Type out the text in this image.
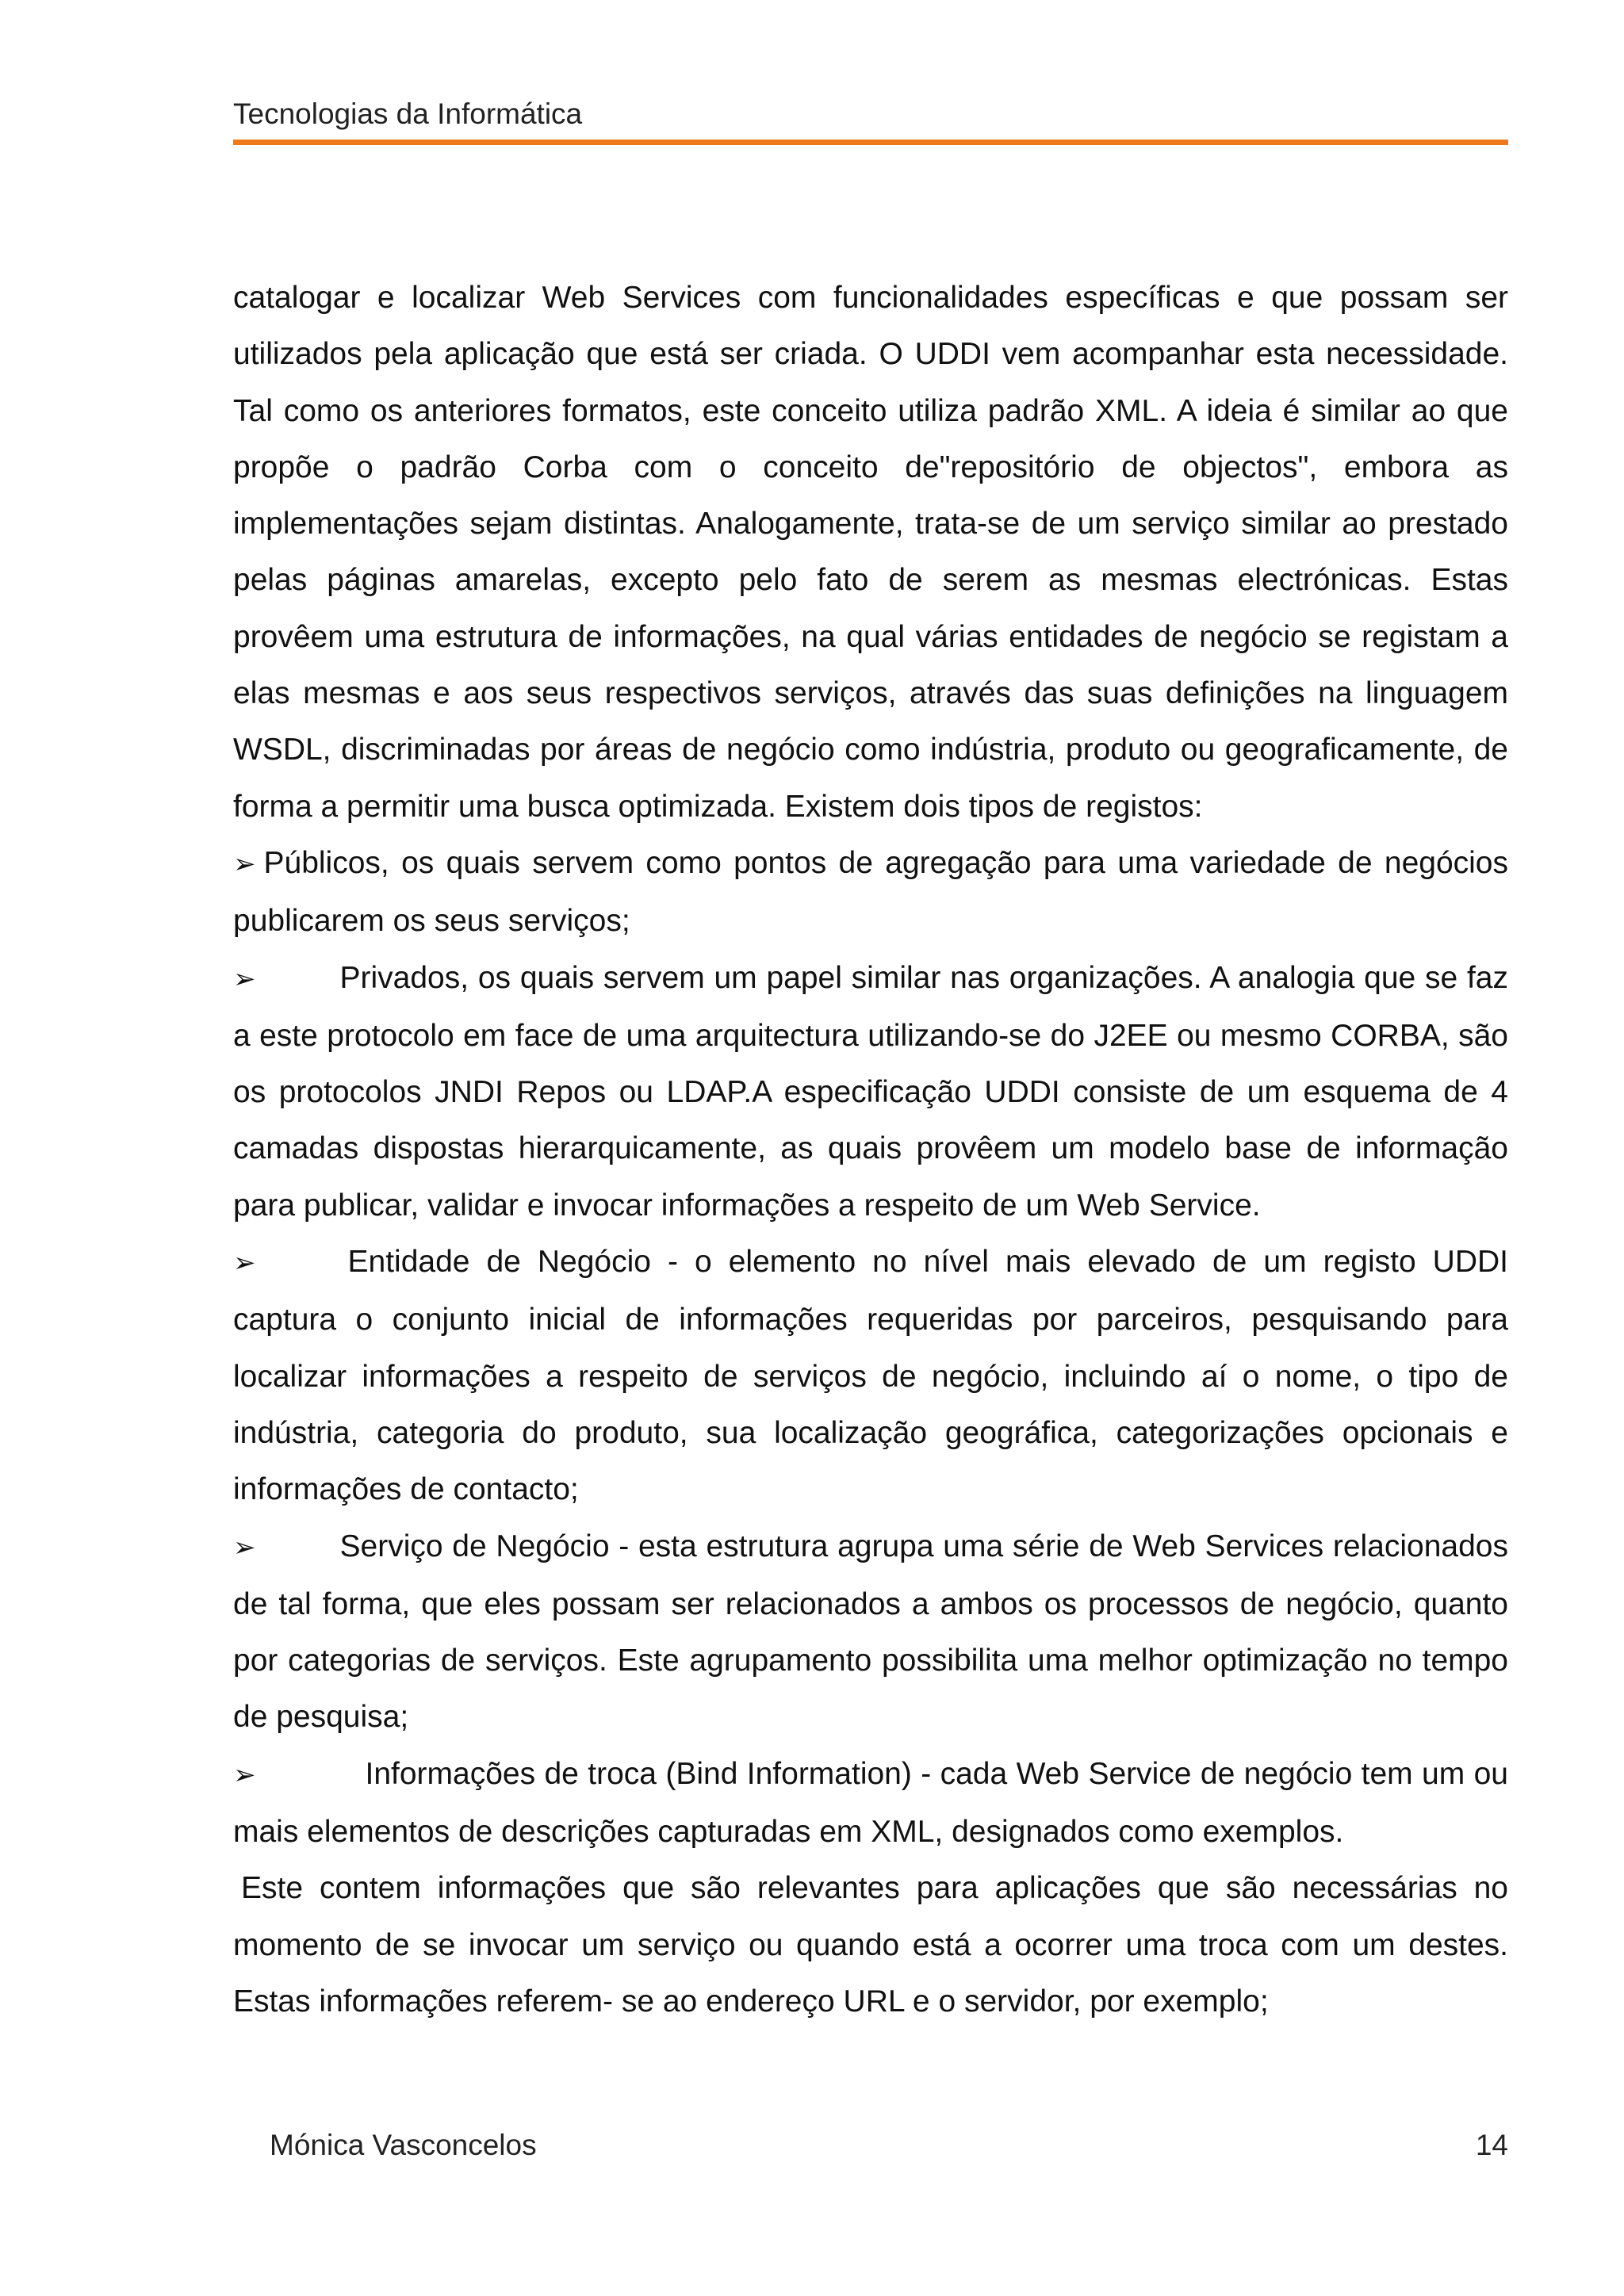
Tecnologias da Informática

catalogar e localizar Web Services com funcionalidades específicas e que possam ser utilizados pela aplicação que está ser criada. O UDDI vem acompanhar esta necessidade. Tal como os anteriores formatos, este conceito utiliza padrão XML. A ideia é similar ao que propõe o padrão Corba com o conceito de"repositório de objectos", embora as implementações sejam distintas. Analogamente, trata-se de um serviço similar ao prestado pelas páginas amarelas, excepto pelo fato de serem as mesmas electrónicas. Estas provêem uma estrutura de informações, na qual várias entidades de negócio se registam a elas mesmas e aos seus respectivos serviços, através das suas definições na linguagem WSDL, discriminadas por áreas de negócio como indústria, produto ou geograficamente, de forma a permitir uma busca optimizada. Existem dois tipos de registos:

➢ Públicos, os quais servem como pontos de agregação para uma variedade de negócios publicarem os seus serviços;

➢	Privados, os quais servem um papel similar nas organizações. A analogia que se faz a este protocolo em face de uma arquitectura utilizando-se do J2EE ou mesmo CORBA, são os protocolos JNDI Repos ou LDAP.A especificação UDDI consiste de um esquema de 4 camadas dispostas hierarquicamente, as quais provêem um modelo base de informação para publicar, validar e invocar informações a respeito de um Web Service.

➢	Entidade de Negócio - o elemento no nível mais elevado de um registo UDDI captura o conjunto inicial de informações requeridas por parceiros, pesquisando para localizar informações a respeito de serviços de negócio, incluindo aí o nome, o tipo de indústria, categoria do produto, sua localização geográfica, categorizações opcionais e informações de contacto;

➢	Serviço de Negócio - esta estrutura agrupa uma série de Web Services relacionados de tal forma, que eles possam ser relacionados a ambos os processos de negócio, quanto por categorias de serviços. Este agrupamento possibilita uma melhor optimização no tempo de pesquisa;

➢	Informações de troca (Bind Information) - cada Web Service de negócio tem um ou mais elementos de descrições capturadas em XML, designados como exemplos.

Este contem informações que são relevantes para aplicações que são necessárias no momento de se invocar um serviço ou quando está a ocorrer uma troca com um destes. Estas informações referem- se ao endereço URL e o servidor, por exemplo;

Mónica Vasconcelos	14
